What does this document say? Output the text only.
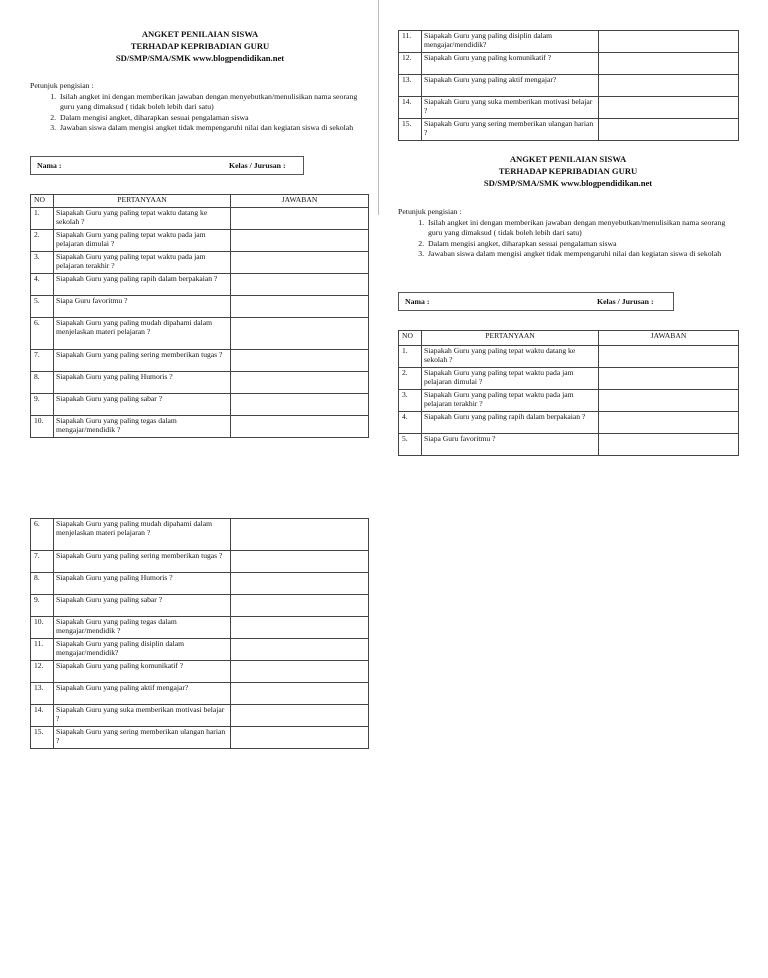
ANGKET PENILAIAN SISWA
TERHADAP KEPRIBADIAN GURU
SD/SMP/SMA/SMK www.blogpendidikan.net
Petunjuk pengisian :
1. Isilah angket ini dengan memberikan jawaban dengan menyebutkan/menulisikan nama seorang guru yang dimaksud ( tidak boleh lebih dari satu)
2. Dalam mengisi angket, diharapkan sesuai pengalaman siswa
3. Jawaban siswa dalam mengisi angket tidak mempengaruhi nilai dan kegiatan siswa di sekolah
Nama :	Kelas / Jurusan :
NO	PERTANYAAN	JAWABAN
1.	Siapakah Guru yang paling tepat waktu datang ke sekolah ?	
2.	Siapakah Guru yang paling tepat waktu pada jam pelajaran dimulai ?	
3.	Siapakah Guru yang paling tepat waktu pada jam pelajaran terakhir ?	
4.	Siapakah Guru yang paling rapih dalam berpakaian ?	
5.	Siapa Guru favoritmu ?	
6.	Siapakah Guru yang paling mudah dipahami dalam menjelaskan materi pelajaran ?	
7.	Siapakah Guru yang paling sering memberikan tugas ?	
8.	Siapakah Guru yang paling Humoris ?	
9.	Siapakah Guru yang paling sabar ?	
10.	Siapakah Guru yang paling tegas dalam mengajar/mendidik ?	
11.	Siapakah Guru yang paling disiplin dalam mengajar/mendidik?	
12.	Siapakah Guru yang paling komunikatif ?	
13.	Siapakah Guru yang paling aktif mengajar?	
14.	Siapakah Guru yang suka memberikan motivasi belajar ?	
15.	Siapakah Guru yang sering memberikan ulangan harian ?	
ANGKET PENILAIAN SISWA
TERHADAP KEPRIBADIAN GURU
SD/SMP/SMA/SMK www.blogpendidikan.net
Petunjuk pengisian :
1. Isilah angket ini dengan memberikan jawaban dengan menyebutkan/menulisikan nama seorang guru yang dimaksud ( tidak boleh lebih dari satu)
2. Dalam mengisi angket, diharapkan sesuai pengalaman siswa
3. Jawaban siswa dalam mengisi angket tidak mempengaruhi nilai dan kegiatan siswa di sekolah
Nama :	Kelas / Jurusan :
NO	PERTANYAAN	JAWABAN
1.	Siapakah Guru yang paling tepat waktu datang ke sekolah ?	
2.	Siapakah Guru yang paling tepat waktu pada jam pelajaran dimulai ?	
3.	Siapakah Guru yang paling tepat waktu pada jam pelajaran terakhir ?	
4.	Siapakah Guru yang paling rapih dalam berpakaian ?	
5.	Siapa Guru favoritmu ?	
6.	Siapakah Guru yang paling mudah dipahami dalam menjelaskan materi pelajaran ?	
7.	Siapakah Guru yang paling sering memberikan tugas ?	
8.	Siapakah Guru yang paling Humoris ?	
9.	Siapakah Guru yang paling sabar ?	
10.	Siapakah Guru yang paling tegas dalam mengajar/mendidik ?	
11.	Siapakah Guru yang paling disiplin dalam mengajar/mendidik?	
12.	Siapakah Guru yang paling komunikatif ?	
13.	Siapakah Guru yang paling aktif mengajar?	
14.	Siapakah Guru yang suka memberikan motivasi belajar ?	
15.	Siapakah Guru yang sering memberikan ulangan harian ?	
